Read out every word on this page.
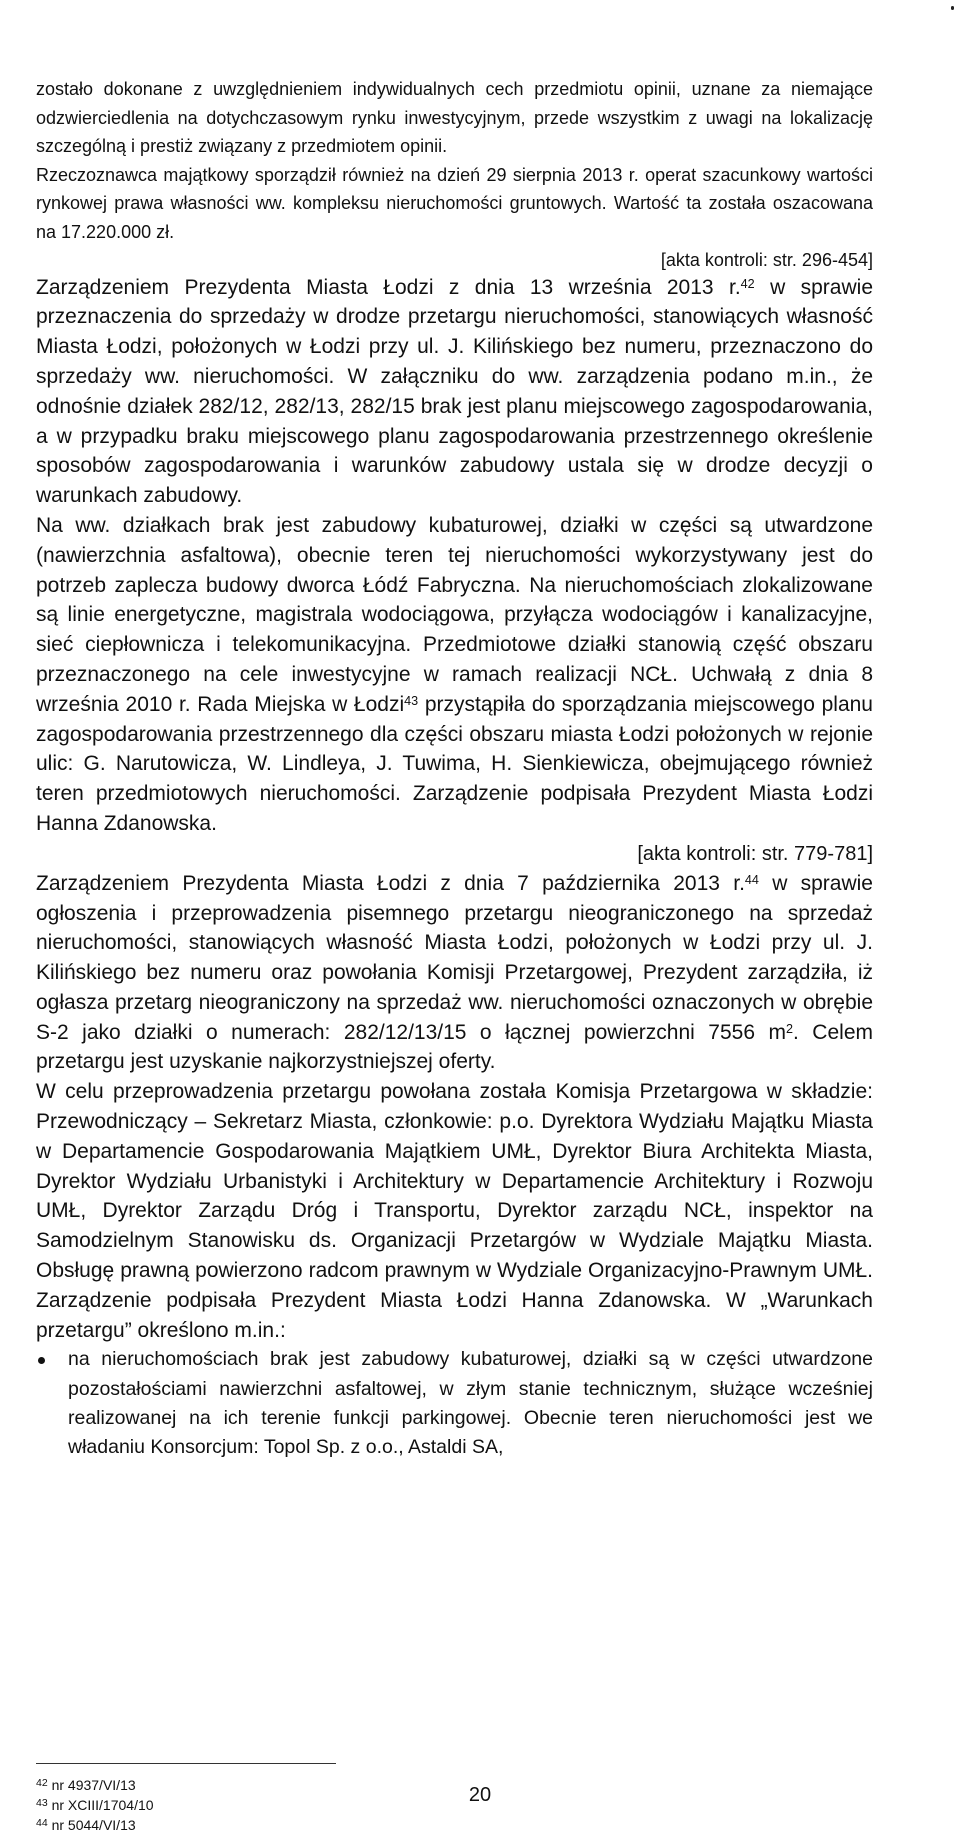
zostało dokonane z uwzględnieniem indywidualnych cech przedmiotu opinii, uznane za niemające odzwierciedlenia na dotychczasowym rynku inwestycyjnym, przede wszystkim z uwagi na lokalizację szczególną i prestiż związany z przedmiotem opinii.

Rzeczoznawca majątkowy sporządził również na dzień 29 sierpnia 2013 r. operat szacunkowy wartości rynkowej prawa własności ww. kompleksu nieruchomości gruntowych. Wartość ta została oszacowana na 17.220.000 zł.

[akta kontroli: str. 296-454]

Zarządzeniem Prezydenta Miasta Łodzi z dnia 13 września 2013 r.$^{42}$ w sprawie przeznaczenia do sprzedaży w drodze przetargu nieruchomości, stanowiących własność Miasta Łodzi, położonych w Łodzi przy ul. J. Kilińskiego bez numeru, przeznaczono do sprzedaży ww. nieruchomości. W załączniku do ww. zarządzenia podano m.in., że odnośnie działek 282/12, 282/13, 282/15 brak jest planu miejscowego zagospodarowania, a w przypadku braku miejscowego planu zagospodarowania przestrzennego określenie sposobów zagospodarowania i warunków zabudowy ustala się w drodze decyzji o warunkach zabudowy.

Na ww. działkach brak jest zabudowy kubaturowej, działki w części są utwardzone (nawierzchnia asfaltowa), obecnie teren tej nieruchomości wykorzystywany jest do potrzeb zaplecza budowy dworca Łódź Fabryczna. Na nieruchomościach zlokalizowane są linie energetyczne, magistrala wodociągowa, przyłącza wodociągów i kanalizacyjne, sieć ciepłownicza i telekomunikacyjna. Przedmiotowe działki stanowią część obszaru przeznaczonego na cele inwestycyjne w ramach realizacji NCŁ. Uchwałą z dnia 8 września 2010 r. Rada Miejska w Łodzi$^{43}$ przystąpiła do sporządzania miejscowego planu zagospodarowania przestrzennego dla części obszaru miasta Łodzi położonych w rejonie ulic: G. Narutowicza, W. Lindleya, J. Tuwima, H. Sienkiewicza, obejmującego również teren przedmiotowych nieruchomości. Zarządzenie podpisała Prezydent Miasta Łodzi Hanna Zdanowska.

[akta kontroli: str. 779-781]

Zarządzeniem Prezydenta Miasta Łodzi z dnia 7 października 2013 r.$^{44}$ w sprawie ogłoszenia i przeprowadzenia pisemnego przetargu nieograniczonego na sprzedaż nieruchomości, stanowiących własność Miasta Łodzi, położonych w Łodzi przy ul. J. Kilińskiego bez numeru oraz powołania Komisji Przetargowej, Prezydent zarządziła, iż ogłasza przetarg nieograniczony na sprzedaż ww. nieruchomości oznaczonych w obrębie S-2 jako działki o numerach: 282/12/13/15 o łącznej powierzchni 7556 $m^2$. Celem przetargu jest uzyskanie najkorzystniejszej oferty.

W celu przeprowadzenia przetargu powołana została Komisja Przetargowa w składzie: Przewodniczący – Sekretarz Miasta, członkowie: p.o. Dyrektora Wydziału Majątku Miasta w Departamencie Gospodarowania Majątkiem UMŁ, Dyrektor Biura Architekta Miasta, Dyrektor Wydziału Urbanistyki i Architektury w Departamencie Architektury i Rozwoju UMŁ, Dyrektor Zarządu Dróg i Transportu, Dyrektor zarządu NCŁ, inspektor na Samodzielnym Stanowisku ds. Organizacji Przetargów w Wydziale Majątku Miasta. Obsługę prawną powierzono radcom prawnym w Wydziale Organizacyjno-Prawnym UMŁ. Zarządzenie podpisała Prezydent Miasta Łodzi Hanna Zdanowska. W „Warunkach przetargu” określono m.in.:

na nieruchomościach brak jest zabudowy kubaturowej, działki są w części utwardzone pozostałościami nawierzchni asfaltowej, w złym stanie technicznym, służące wcześniej realizowanej na ich terenie funkcji parkingowej. Obecnie teren nieruchomości jest we władaniu Konsorcjum: Topol Sp. z o.o., Astaldi SA,

$^{42}$ nr 4937/VI/13

$^{43}$ nr XCIII/1704/10

$^{44}$ nr 5044/VI/13

20
